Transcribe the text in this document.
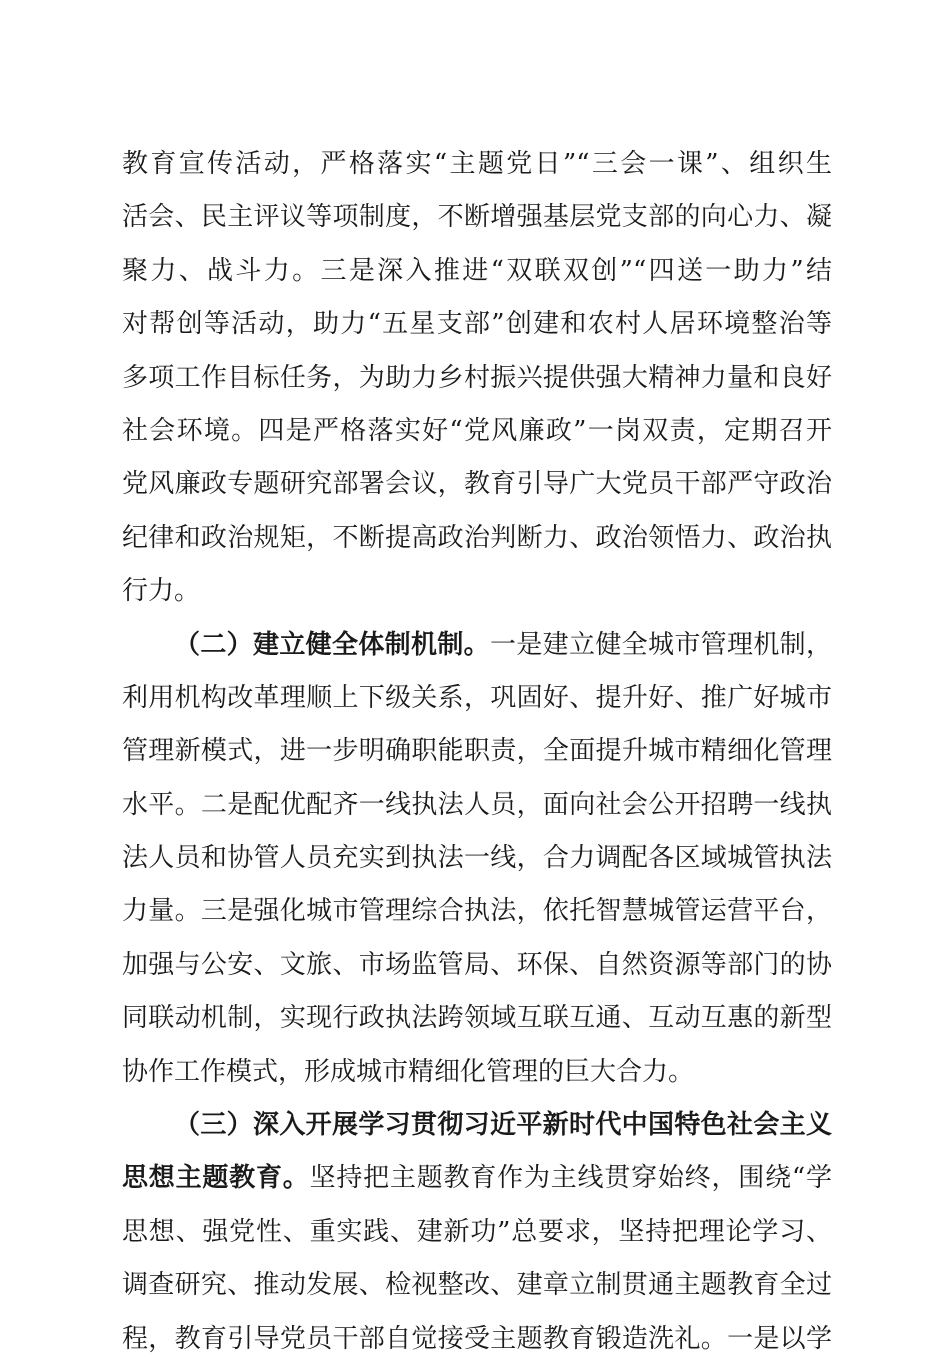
教育宣传活动，严格落实“主题党日”“三会一课”、组织生
活会、民主评议等项制度，不断增强基层党支部的向心力、凝
聚力、战斗力。三是深入推进“双联双创”“四送一助力”结
对帮创等活动，助力“五星支部”创建和农村人居环境整治等
多项工作目标任务，为助力乡村振兴提供强大精神力量和良好
社会环境。四是严格落实好“党风廉政”一岗双责，定期召开
党风廉政专题研究部署会议，教育引导广大党员干部严守政治
纪律和政治规矩，不断提高政治判断力、政治领悟力、政治执
行力。
（二）建立健全体制机制。一是建立健全城市管理机制，
利用机构改革理顺上下级关系，巩固好、提升好、推广好城市
管理新模式，进一步明确职能职责，全面提升城市精细化管理
水平。二是配优配齐一线执法人员，面向社会公开招聘一线执
法人员和协管人员充实到执法一线，合力调配各区域城管执法
力量。三是强化城市管理综合执法，依托智慧城管运营平台，
加强与公安、文旅、市场监管局、环保、自然资源等部门的协
同联动机制，实现行政执法跨领域互联互通、互动互惠的新型
协作工作模式，形成城市精细化管理的巨大合力。
（三）深入开展学习贯彻习近平新时代中国特色社会主义
思想主题教育。坚持把主题教育作为主线贯穿始终，围绕“学
思想、强党性、重实践、建新功”总要求，坚持把理论学习、
调查研究、推动发展、检视整改、建章立制贯通主题教育全过
程，教育引导党员干部自觉接受主题教育锻造洗礼。一是以学
